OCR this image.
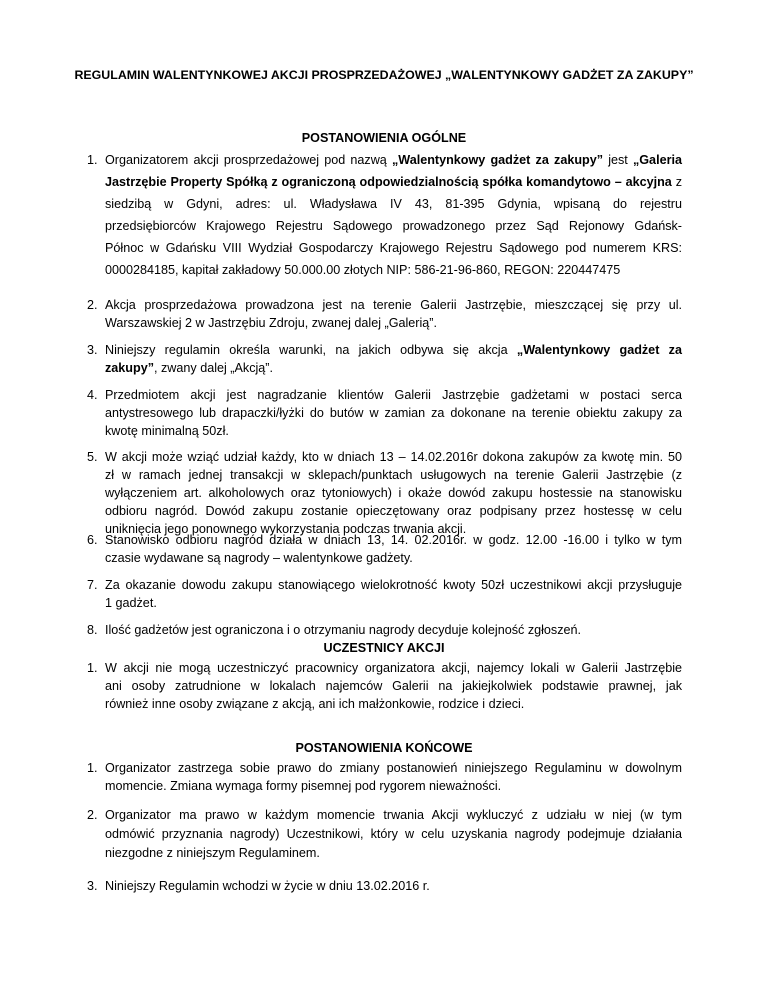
REGULAMIN WALENTYNKOWEJ AKCJI PROSPRZEDAŻOWEJ „WALENTYNKOWY GADŻET ZA ZAKUPY”
POSTANOWIENIA OGÓLNE
1. Organizatorem akcji prosprzedażowej pod nazwą „Walentynkowy gadżet za zakupy” jest „Galeria
Jastrzębie Property Spółką z ograniczoną odpowiedzialnością spółka komandytowo – akcyjna z
siedzibą w Gdyni, adres: ul. Władysława IV 43, 81-395 Gdynia, wpisaną do rejestru
przedsiębiorców Krajowego Rejestru Sądowego prowadzonego przez Sąd Rejonowy Gdańsk-
Północ w Gdańsku VIII Wydział Gospodarczy Krajowego Rejestru Sądowego pod numerem KRS:
0000284185, kapitał zakładowy 50.000.00 złotych NIP: 586-21-96-860, REGON: 220447475
2. Akcja prosprzedażowa prowadzona jest na terenie Galerii Jastrzębie, mieszczącej się przy ul.
Warszawskiej 2 w Jastrzębiu Zdroju, zwanej dalej „Galerią”.
3. Niniejszy regulamin określa warunki, na jakich odbywa się akcja „Walentynkowy gadżet za
zakupy”, zwany dalej „Akcją”.
4. Przedmiotem akcji jest nagradzanie klientów Galerii Jastrzębie gadżetami w postaci serca
antystresowego lub drapaczki/łyżki do butów w zamian za dokonane na terenie obiektu zakupy za
kwotę minimalną 50zł.
5. W akcji może wziąć udział każdy, kto w dniach 13 – 14.02.2016r dokona zakupów za kwotę min. 50
zł w ramach jednej transakcji w sklepach/punktach usługowych na terenie Galerii Jastrzębie (z
wyłączeniem art. alkoholowych oraz tytoniowych) i okaże dowód zakupu hostessie na stanowisku
odbioru nagród. Dowód zakupu zostanie opieczętowany oraz podpisany przez hostessę w celu
uniknięcia jego ponownego wykorzystania podczas trwania akcji.
6. Stanowisko odbioru nagród działa w dniach 13, 14. 02.2016r. w godz. 12.00 -16.00 i tylko w tym
czasie wydawane są nagrody – walentynkowe gadżety.
7. Za okazanie dowodu zakupu stanowiącego wielokrotność kwoty 50zł uczestnikowi akcji przysługuje
1 gadżet.
8. Ilość gadżetów jest ograniczona i o otrzymaniu nagrody decyduje kolejność zgłoszeń.
UCZESTNICY AKCJI
1. W akcji nie mogą uczestniczyć pracownicy organizatora akcji, najemcy lokali w Galerii Jastrzębie
ani osoby zatrudnione w lokalach najemców Galerii na jakiejkolwiek podstawie prawnej, jak
również inne osoby związane z akcją, ani ich małżonkowie, rodzice i dzieci.
POSTANOWIENIA KOŃCOWE
1. Organizator zastrzega sobie prawo do zmiany postanowień niniejszego Regulaminu w dowolnym
momencie. Zmiana wymaga formy pisemnej pod rygorem nieważności.
2. Organizator ma prawo w każdym momencie trwania Akcji wykluczyć z udziału w niej (w tym
odmówić przyznania nagrody) Uczestnikowi, który w celu uzyskania nagrody podejmuje działania
niezgodne z niniejszym Regulaminem.
3. Niniejszy Regulamin wchodzi w życie w dniu 13.02.2016 r.
